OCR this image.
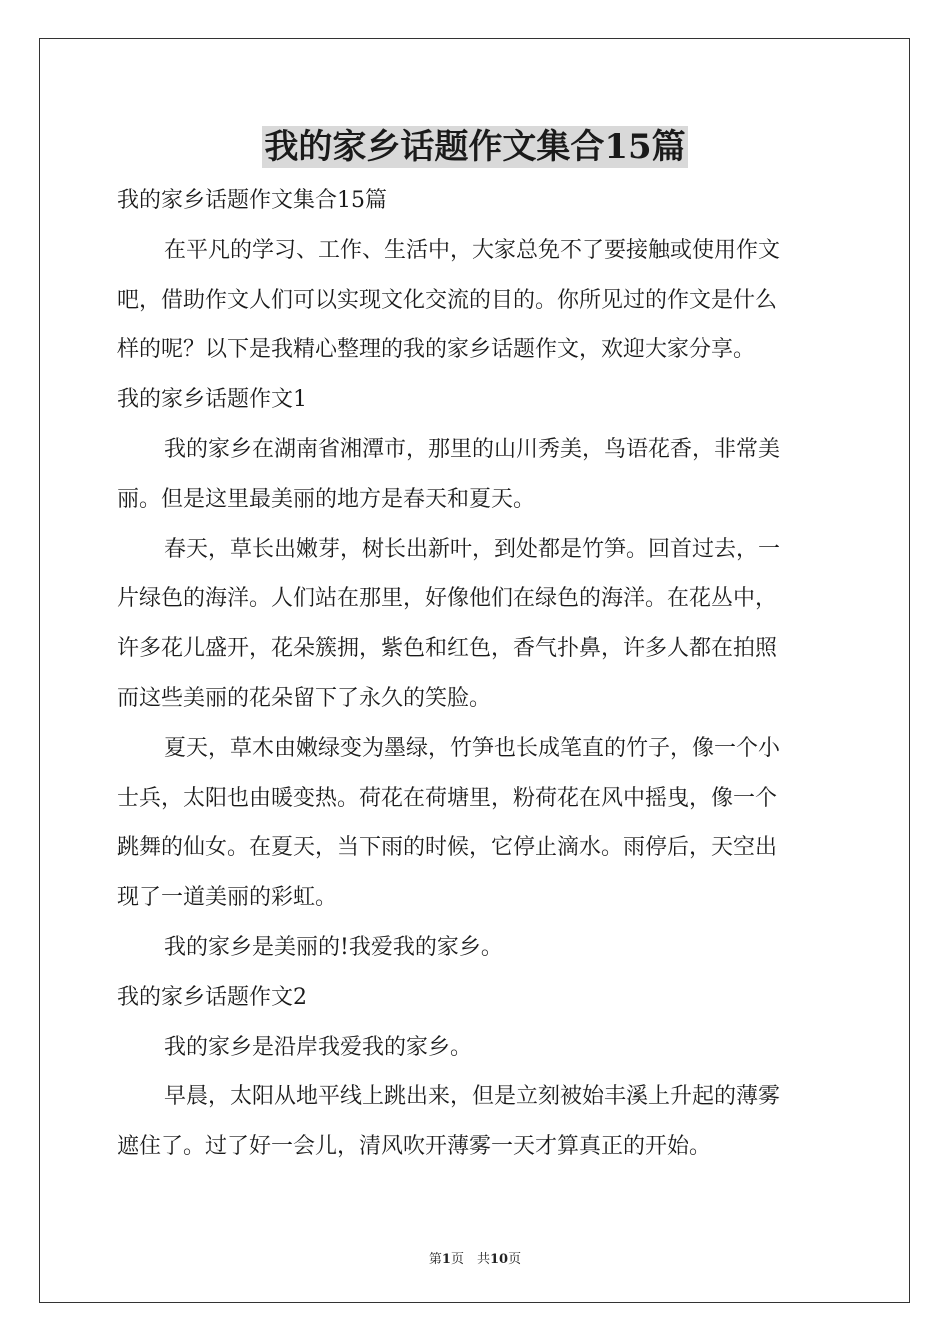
我的家乡话题作文集合15篇

我的家乡话题作文集合15篇

在平凡的学习、工作、生活中，大家总免不了要接触或使用作文

吧，借助作文人们可以实现文化交流的目的。你所见过的作文是什么

样的呢？以下是我精心整理的我的家乡话题作文，欢迎大家分享。

我的家乡话题作文1

我的家乡在湖南省湘潭市，那里的山川秀美，鸟语花香，非常美

丽。但是这里最美丽的地方是春天和夏天。

春天，草长出嫩芽，树长出新叶，到处都是竹笋。回首过去，一

片绿色的海洋。人们站在那里，好像他们在绿色的海洋。在花丛中，

许多花儿盛开，花朵簇拥，紫色和红色，香气扑鼻，许多人都在拍照

而这些美丽的花朵留下了永久的笑脸。

夏天，草木由嫩绿变为墨绿，竹笋也长成笔直的竹子，像一个小

士兵，太阳也由暖变热。荷花在荷塘里，粉荷花在风中摇曳，像一个

跳舞的仙女。在夏天，当下雨的时候，它停止滴水。雨停后，天空出

现了一道美丽的彩虹。

我的家乡是美丽的!我爱我的家乡。

我的家乡话题作文2

我的家乡是沿岸我爱我的家乡。

早晨，太阳从地平线上跳出来，但是立刻被始丰溪上升起的薄雾

遮住了。过了好一会儿，清风吹开薄雾一天才算真正的开始。

第1页　共10页
